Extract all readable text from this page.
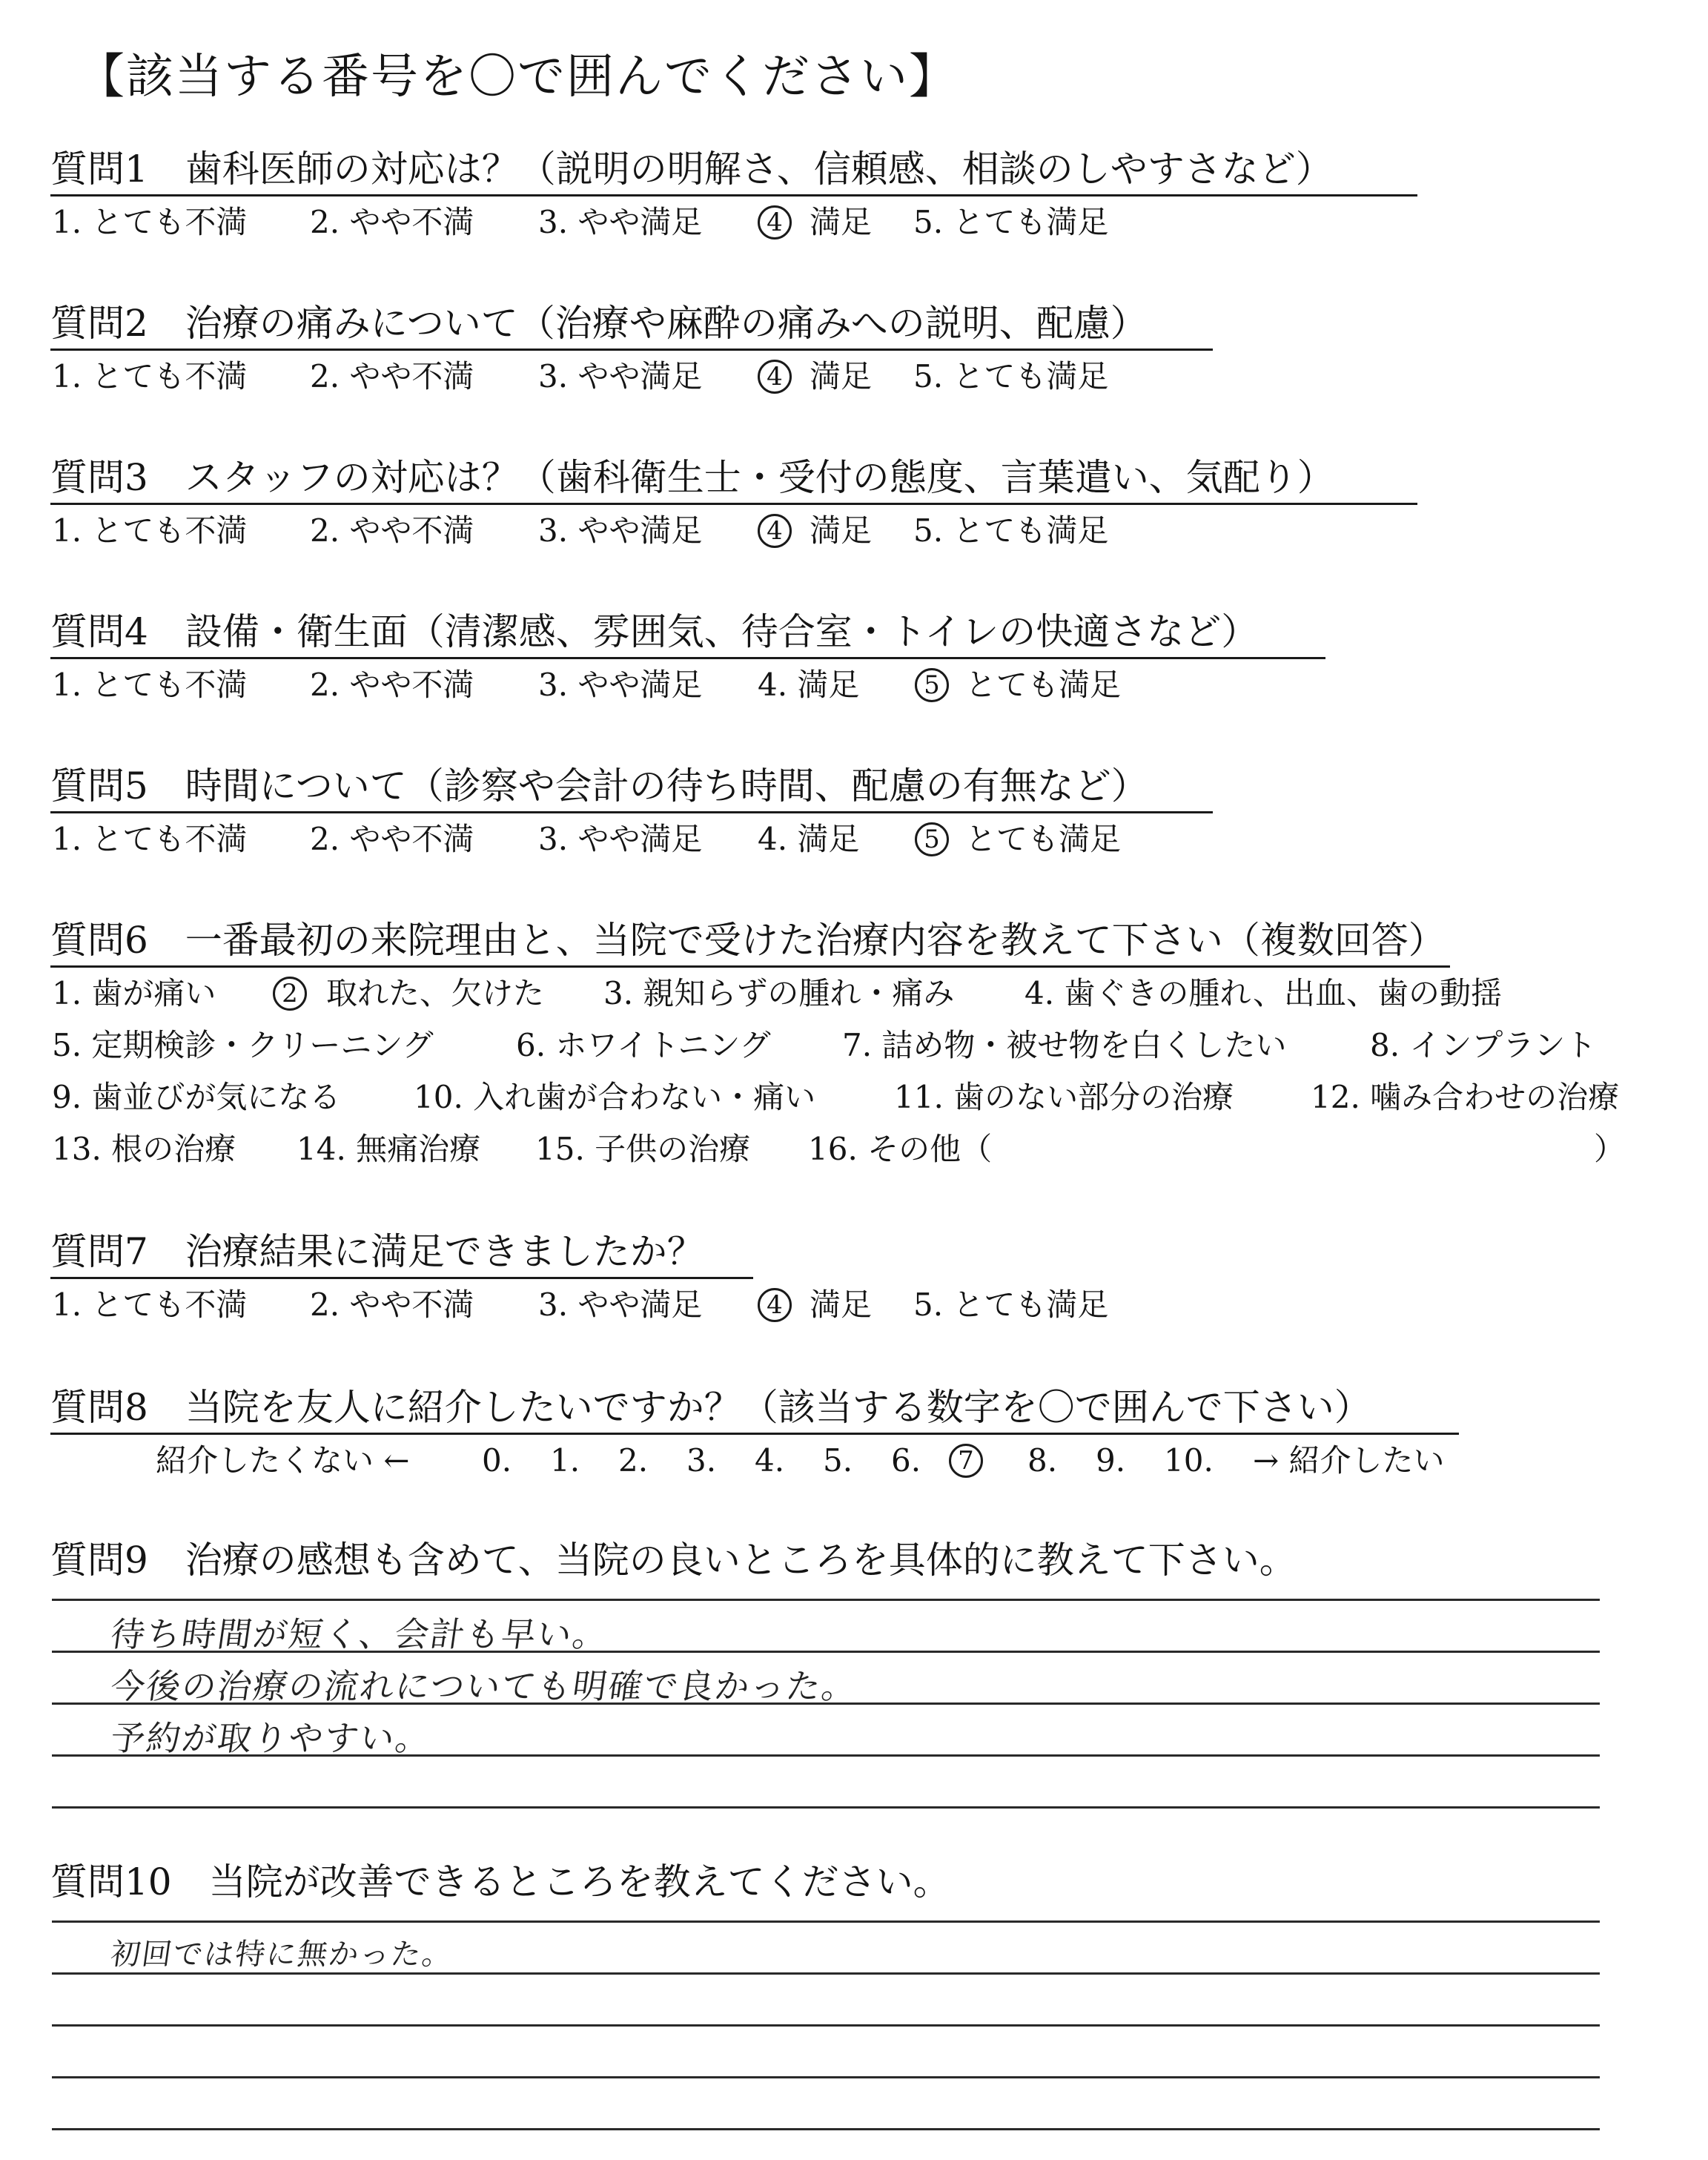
【該当する番号を〇で囲んでください】
質問1　歯科医師の対応は？（説明の明解さ、信頼感、相談のしやすさなど）
1. とても不満 2. やや不満 3. やや満足	4 満足 5. とても満足
質問2　治療の痛みについて（治療や麻酔の痛みへの説明、配慮）
1. とても不満 2. やや不満 3. やや満足	4 満足 5. とても満足
質問3　スタッフの対応は？（歯科衛生士・受付の態度、言葉遣い、気配り）
1. とても不満 2. やや不満 3. やや満足	4 満足 5. とても満足
質問4　設備・衛生面（清潔感、雰囲気、待合室・トイレの快適さなど）
1. とても不満 2. やや不満 3. やや満足 4. 満足	5 とても満足
質問5　時間について（診察や会計の待ち時間、配慮の有無など）
1. とても不満 2. やや不満 3. やや満足 4. 満足	5 とても満足
質問6　一番最初の来院理由と、当院で受けた治療内容を教えて下さい（複数回答）
1. 歯が痛い	2 取れた、欠けた 3. 親知らずの腫れ・痛み 4. 歯ぐきの腫れ、出血、歯の動揺
5. 定期検診・クリーニング	6. ホワイトニング 7. 詰め物・被せ物を白くしたい	8. インプラント
9. 歯並びが気になる 10. 入れ歯が合わない・痛い	11. 歯のない部分の治療 12. 噛み合わせの治療
13. 根の治療 14. 無痛治療 15. 子供の治療 16. その他（	）
質問7　治療結果に満足できましたか？
1. とても不満 2. やや不満 3. やや満足	4 満足 5. とても満足
質問8　当院を友人に紹介したいですか？（該当する数字を〇で囲んで下さい）
紹介したくない ← 0. 1. 2. 3. 4. 5. 6.	7 8. 9. 10. → 紹介したい
質問9　治療の感想も含めて、当院の良いところを具体的に教えて下さい。
待ち時間が短く、会計も早い。
今後の治療の流れについても明確で良かった。
予約が取りやすい。
質問10　当院が改善できるところを教えてください。
初回では特に無かった。
